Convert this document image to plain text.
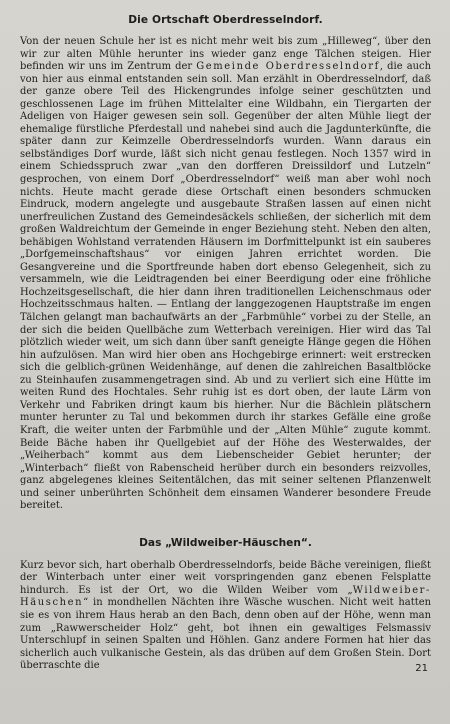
Die Ortschaft Oberdresselndorf.

Von der neuen Schule her ist es nicht mehr weit bis zum „Hilleweg“, über den wir zur alten Mühle herunter ins wieder ganz enge Tälchen steigen. Hier befinden wir uns im Zentrum der Gemeinde Oberdresselndorf, die auch von hier aus einmal entstanden sein soll. Man erzählt in Oberdresselndorf, daß der ganze obere Teil des Hickengrundes infolge seiner geschützten und geschlossenen Lage im frühen Mittelalter eine Wildbahn, ein Tiergarten der Adeligen von Haiger gewesen sein soll. Gegenüber der alten Mühle liegt der ehemalige fürstliche Pferdestall und nahebei sind auch die Jagdunterkünfte, die später dann zur Keimzelle Oberdresselndorfs wurden. Wann daraus ein selbständiges Dorf wurde, läßt sich nicht genau festlegen. Noch 1357 wird in einem Schiedsspruch zwar „van den dorfferen Dreissildorf und Lutzeln“ gesprochen, von einem Dorf „Oberdresselndorf“ weiß man aber wohl noch nichts. Heute macht gerade diese Ortschaft einen besonders schmucken Eindruck, modern angelegte und ausgebaute Straßen lassen auf einen nicht unerfreulichen Zustand des Gemeindesäckels schließen, der sicherlich mit dem großen Waldreichtum der Gemeinde in enger Beziehung steht. Neben den alten, behäbigen Wohlstand verratenden Häusern im Dorfmittelpunkt ist ein sauberes „Dorfgemeinschaftshaus“ vor einigen Jahren errichtet worden. Die Gesangvereine und die Sportfreunde haben dort ebenso Gelegenheit, sich zu versammeln, wie die Leidtragenden bei einer Beerdigung oder eine fröhliche Hochzeitsgesellschaft, die hier dann ihren traditionellen Leichenschmaus oder Hochzeitsschmaus halten. — Entlang der langgezogenen Hauptstraße im engen Tälchen gelangt man bachaufwärts an der „Farbmühle“ vorbei zu der Stelle, an der sich die beiden Quellbäche zum Wetterbach vereinigen. Hier wird das Tal plötzlich wieder weit, um sich dann über sanft geneigte Hänge gegen die Höhen hin aufzulösen. Man wird hier oben ans Hochgebirge erinnert: weit erstrecken sich die gelblich-grünen Weidenhänge, auf denen die zahlreichen Basaltblöcke zu Steinhaufen zusammengetragen sind. Ab und zu verliert sich eine Hütte im weiten Rund des Hochtales. Sehr ruhig ist es dort oben, der laute Lärm von Verkehr und Fabriken dringt kaum bis hierher. Nur die Bächlein plätschern munter herunter zu Tal und bekommen durch ihr starkes Gefälle eine große Kraft, die weiter unten der Farbmühle und der „Alten Mühle“ zugute kommt. Beide Bäche haben ihr Quellgebiet auf der Höhe des Westerwaldes, der „Weiherbach“ kommt aus dem Liebenscheider Gebiet herunter; der „Winterbach“ fließt von Rabenscheid herüber durch ein besonders reizvolles, ganz abgelegenes kleines Seitentälchen, das mit seiner seltenen Pflanzenwelt und seiner unberührten Schönheit dem einsamen Wanderer besondere Freude bereitet.

Das „Wildweiber-Häuschen“.

Kurz bevor sich, hart oberhalb Oberdresselndorfs, beide Bäche vereinigen, fließt der Winterbach unter einer weit vorspringenden ganz ebenen Felsplatte hindurch. Es ist der Ort, wo die Wilden Weiber vom „Wildweiber-Häuschen“ in mondhellen Nächten ihre Wäsche wuschen. Nicht weit hatten sie es von ihrem Haus herab an den Bach, denn oben auf der Höhe, wenn man zum „Rawwerscheider Holz“ geht, bot ihnen ein gewaltiges Felsmassiv Unterschlupf in seinen Spalten und Höhlen. Ganz andere Formen hat hier das sicherlich auch vulkanische Gestein, als das drüben auf dem Großen Stein. Dort überraschte die	21
